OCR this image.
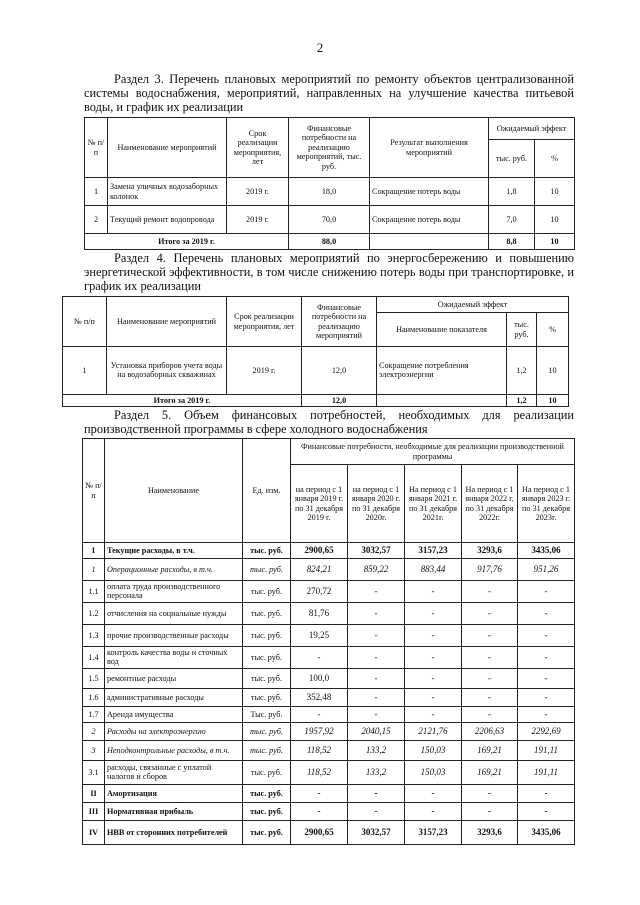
2
Раздел 3. Перечень плановых мероприятий по ремонту объектов централизованной системы водоснабжения, мероприятий, направленных на улучшение качества питьевой воды, и график их реализации
№ п/п	Наименование мероприятий	Срок реализации мероприятия, лет	Финансовые потребности на реализацию мероприятий, тыс. руб.	Результат выполнения мероприятий	Ожидаемый эффект	
					тыс. руб.	%
1	Замена уличных водозаборных колонок	2019 г.	18,0	Сокращение потерь воды	1,8	10
2	Текущий ремонт водопровода	2019 г.	70,0	Сокращение потерь воды	7,0	10
Итого за 2019 г.			88,0		8,8	10
Раздел 4. Перечень плановых мероприятий по энергосбережению и повышению энергетической эффективности, в том числе снижению потерь воды при транспортировке, и график их реализации
№ п/п	Наименование мероприятий	Срок реализации мероприятия, лет	Финансовые потребности на реализацию мероприятий	Ожидаемый эффект		
				Наименование показателя	тыс. руб.	%
1	Установка приборов учета воды на водозаборных скважинах	2019 г.	12,0	Сокращение потребления электроэнергии	1,2	10
Итого за 2019 г.			12,0		1,2	10
Раздел 5. Объем финансовых потребностей, необходимых для реализации производственной программы в сфере холодного водоснабжения
№ п/п	Наименование	Ед. изм.	Финансовые потребности, необходимые для реализации производственной программы				
			на период с 1 января 2019 г. по 31 декабря 2019 г.	на период с 1 января 2020 г. по 31 декабря 2020г.	На период с 1 января 2021 г. по 31 декабря 2021г.	На период с 1 января 2022 г. по 31 декабря 2022г.	На период с 1 января 2023 г. по 31 декабря 2023г.
I	Текущие расходы, в т.ч.	тыс. руб.	2900,65	3032,57	3157,23	3293,6	3435,06
1	Операционные расходы, в т.ч.	тыс. руб.	824,21	859,22	883,44	917,76	951,26
1.1	оплата труда производственного персонала	тыс. руб.	270,72	-	-	-	-
1.2	отчисления на социальные нужды	тыс. руб.	81,76	-	-	-	-
1.3	прочие производственные расходы	тыс. руб.	19,25	-	-	-	-
1.4	контроль качества воды и сточных вод	тыс. руб.	-	-	-	-	-
1.5	ремонтные расходы	тыс. руб.	100,0	-	-	-	-
1.6	административные расходы	тыс. руб.	352,48	-	-	-	-
1.7	Аренда имущества	Тыс. руб.	-	-	-	-	-
2	Расходы на электроэнергию	тыс. руб.	1957,92	2040,15	2121,76	2206,63	2292,69
3	Неподконтрольные расходы, в т.ч.	тыс. руб.	118,52	133,2	150,03	169,21	191,11
3.1	расходы, связанные с уплатой налогов и сборов	тыс. руб.	118,52	133,2	150,03	169,21	191,11
II	Амортизация	тыс. руб.	-	-	-	-	-
III	Нормативная прибыль	тыс. руб.	-	-	-	-	-
IV	НВВ от сторонних потребителей	тыс. руб.	2900,65	3032,57	3157,23	3293,6	3435,06
